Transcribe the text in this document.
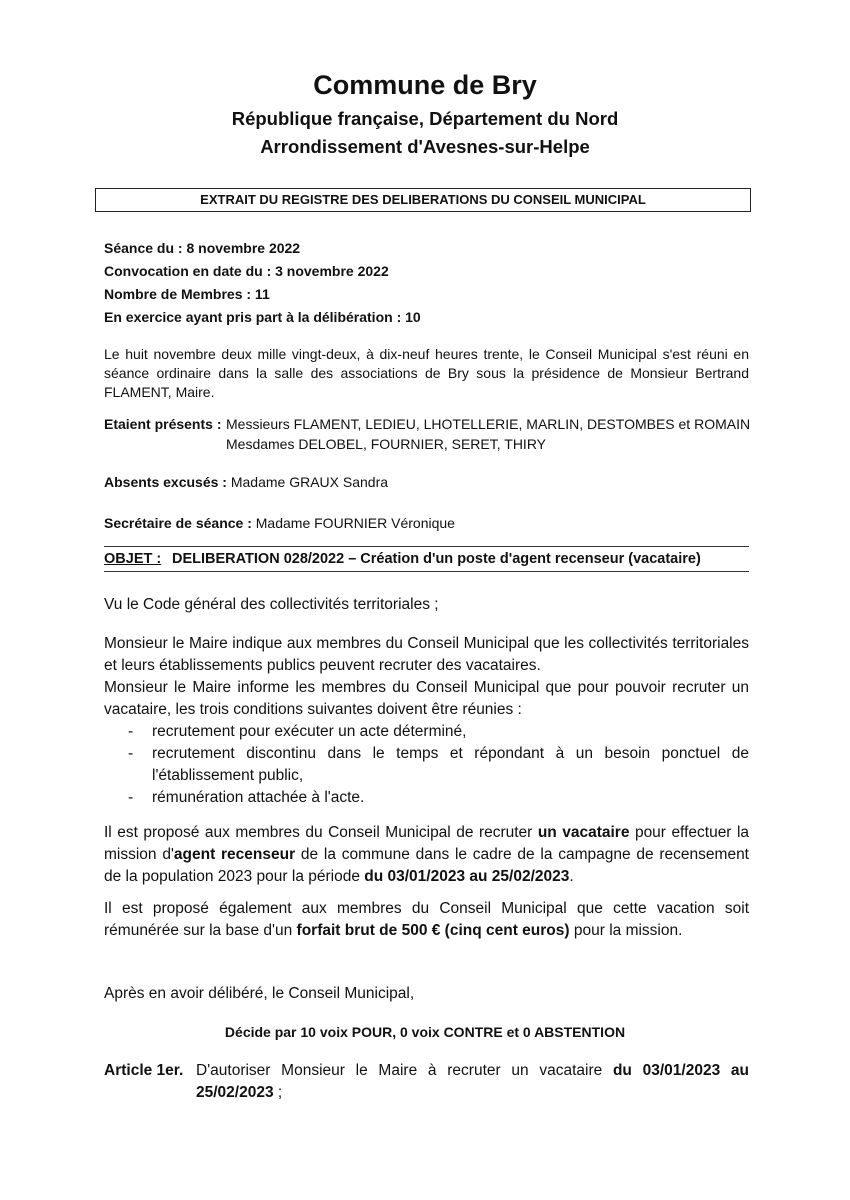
Commune de Bry
République française, Département du Nord
Arrondissement d'Avesnes-sur-Helpe
EXTRAIT DU REGISTRE DES DELIBERATIONS DU CONSEIL MUNICIPAL
Séance du : 8 novembre 2022
Convocation en date du : 3 novembre 2022
Nombre de Membres : 11
En exercice ayant pris part à la délibération : 10

Le huit novembre deux mille vingt-deux, à dix-neuf heures trente, le Conseil Municipal s'est réuni en séance ordinaire dans la salle des associations de Bry sous la présidence de Monsieur Bertrand FLAMENT, Maire.

Etaient présents : Messieurs FLAMENT, LEDIEU, LHOTELLERIE, MARLIN, DESTOMBES et ROMAIN
Mesdames DELOBEL, FOURNIER, SERET, THIRY
Absents excusés : Madame GRAUX Sandra
Secrétaire de séance : Madame FOURNIER Véronique
OBJET : DELIBERATION 028/2022 – Création d'un poste d'agent recenseur (vacataire)

Vu le Code général des collectivités territoriales ;

Monsieur le Maire indique aux membres du Conseil Municipal que les collectivités territoriales et leurs établissements publics peuvent recruter des vacataires.

Monsieur le Maire informe les membres du Conseil Municipal que pour pouvoir recruter un vacataire, les trois conditions suivantes doivent être réunies :

- recrutement pour exécuter un acte déterminé,
- recrutement discontinu dans le temps et répondant à un besoin ponctuel de l'établissement public,
- rémunération attachée à l'acte.

Il est proposé aux membres du Conseil Municipal de recruter un vacataire pour effectuer la mission d'agent recenseur de la commune dans le cadre de la campagne de recensement de la population 2023 pour la période du 03/01/2023 au 25/02/2023.

Il est proposé également aux membres du Conseil Municipal que cette vacation soit rémunérée sur la base d'un forfait brut de 500 € (cinq cent euros) pour la mission.

Après en avoir délibéré, le Conseil Municipal,

Décide par 10 voix POUR, 0 voix CONTRE et 0 ABSTENTION
Article 1er. D'autoriser Monsieur le Maire à recruter un vacataire du 03/01/2023 au 25/02/2023 ;
